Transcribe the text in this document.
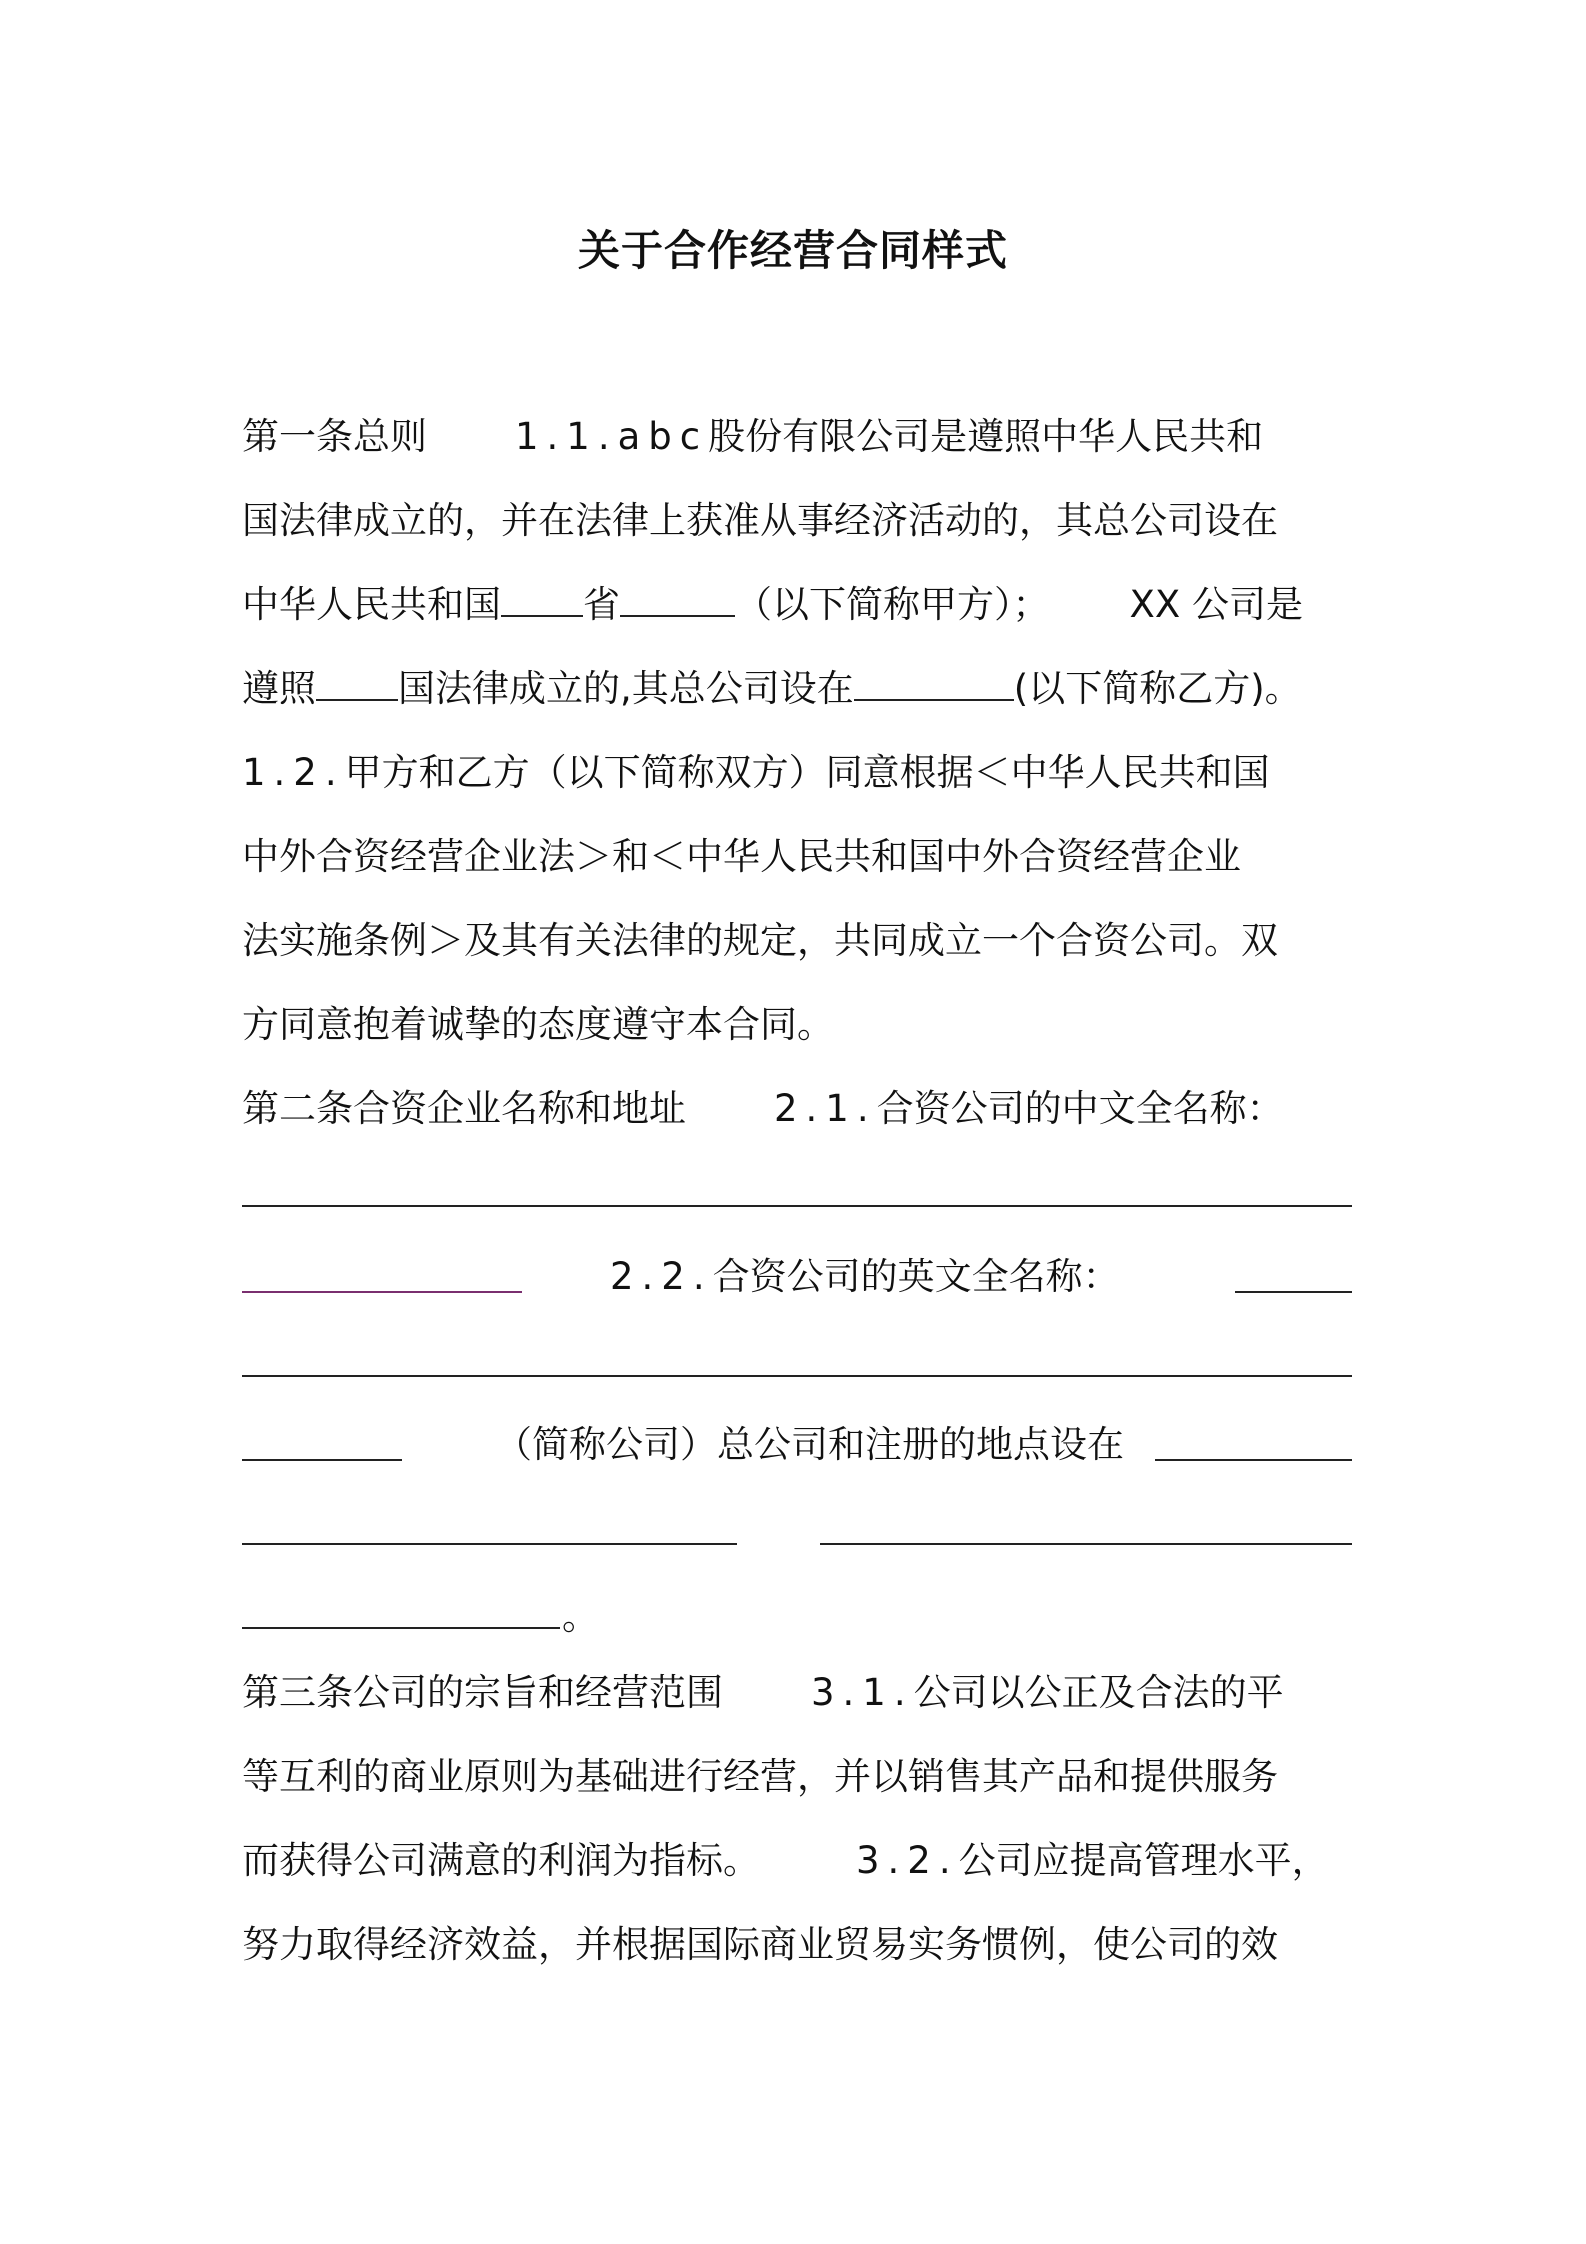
关于合作经营合同样式
第一条总则 1.1.abc股份有限公司是遵照中华人民共和
国法律成立的，并在法律上获准从事经济活动的，其总公司设在
中华人民共和国 省	（以下简称甲方）； XX 公司是
遵照 国法律成立的,其总公司设在	(以下简称乙方)。
1.2.甲方和乙方（以下简称双方）同意根据＜中华人民共和国
中外合资经营企业法＞和＜中华人民共和国中外合资经营企业
法实施条例＞及其有关法律的规定，共同成立一个合资公司。双
方同意抱着诚挚的态度遵守本合同。
第二条合资企业名称和地址 2.1.合资公司的中文全名称：
2.2.合资公司的英文全名称：
（简称公司）总公司和注册的地点设在
。
第三条公司的宗旨和经营范围 3.1.公司以公正及合法的平
等互利的商业原则为基础进行经营，并以销售其产品和提供服务
而获得公司满意的利润为指标。	3.2.公司应提高管理水平，
努力取得经济效益，并根据国际商业贸易实务惯例，使公司的效
